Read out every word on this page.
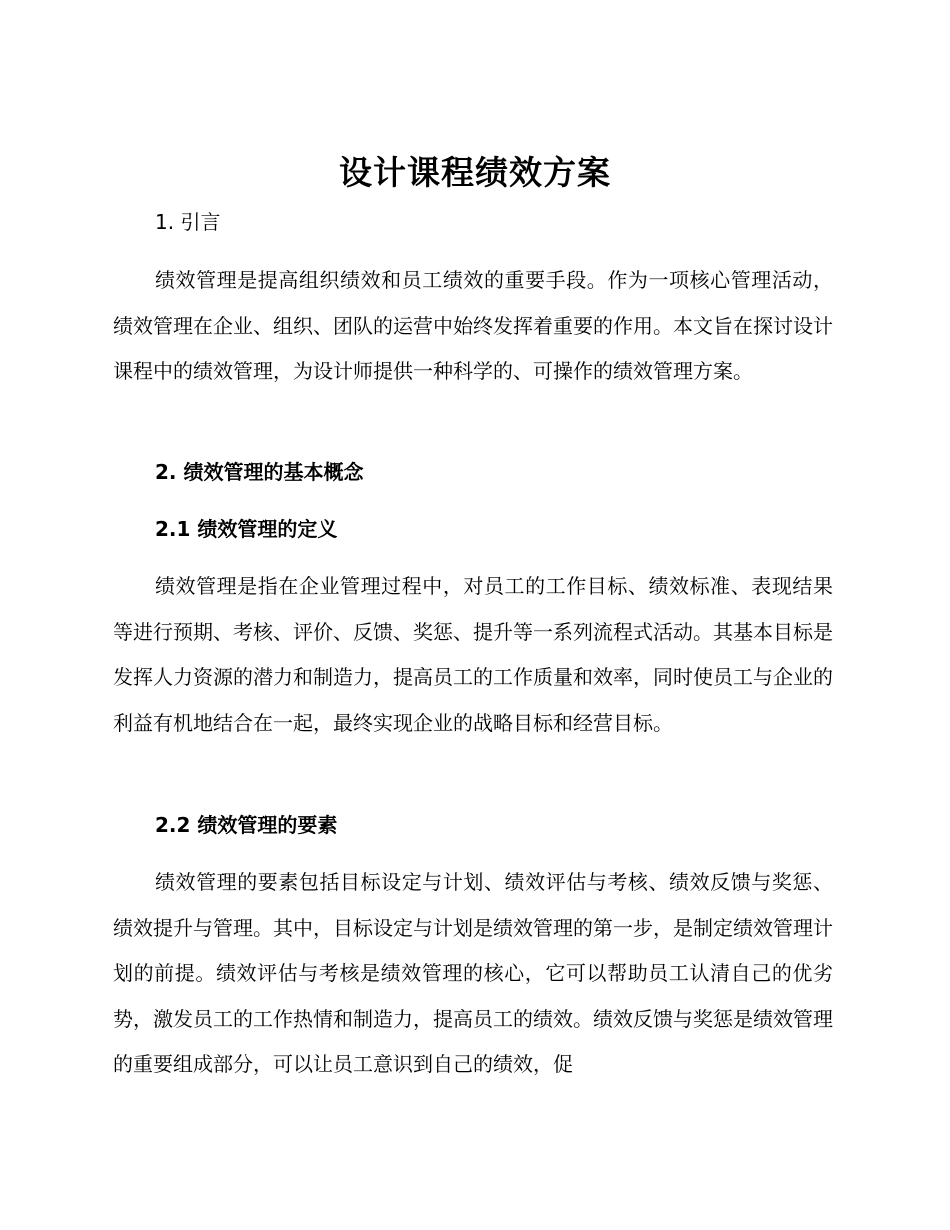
设计课程绩效方案
1. 引言

绩效管理是提高组织绩效和员工绩效的重要手段。作为一项核心管理活动，绩效管理在企业、组织、团队的运营中始终发挥着重要的作用。本文旨在探讨设计课程中的绩效管理，为设计师提供一种科学的、可操作的绩效管理方案。

2. 绩效管理的基本概念
2.1 绩效管理的定义

绩效管理是指在企业管理过程中，对员工的工作目标、绩效标准、表现结果等进行预期、考核、评价、反馈、奖惩、提升等一系列流程式活动。其基本目标是发挥人力资源的潜力和制造力，提高员工的工作质量和效率，同时使员工与企业的利益有机地结合在一起，最终实现企业的战略目标和经营目标。

2.2 绩效管理的要素

绩效管理的要素包括目标设定与计划、绩效评估与考核、绩效反馈与奖惩、绩效提升与管理。其中，目标设定与计划是绩效管理的第一步，是制定绩效管理计划的前提。绩效评估与考核是绩效管理的核心，它可以帮助员工认清自己的优劣势，激发员工的工作热情和制造力，提高员工的绩效。绩效反馈与奖惩是绩效管理的重要组成部分，可以让员工意识到自己的绩效，促
